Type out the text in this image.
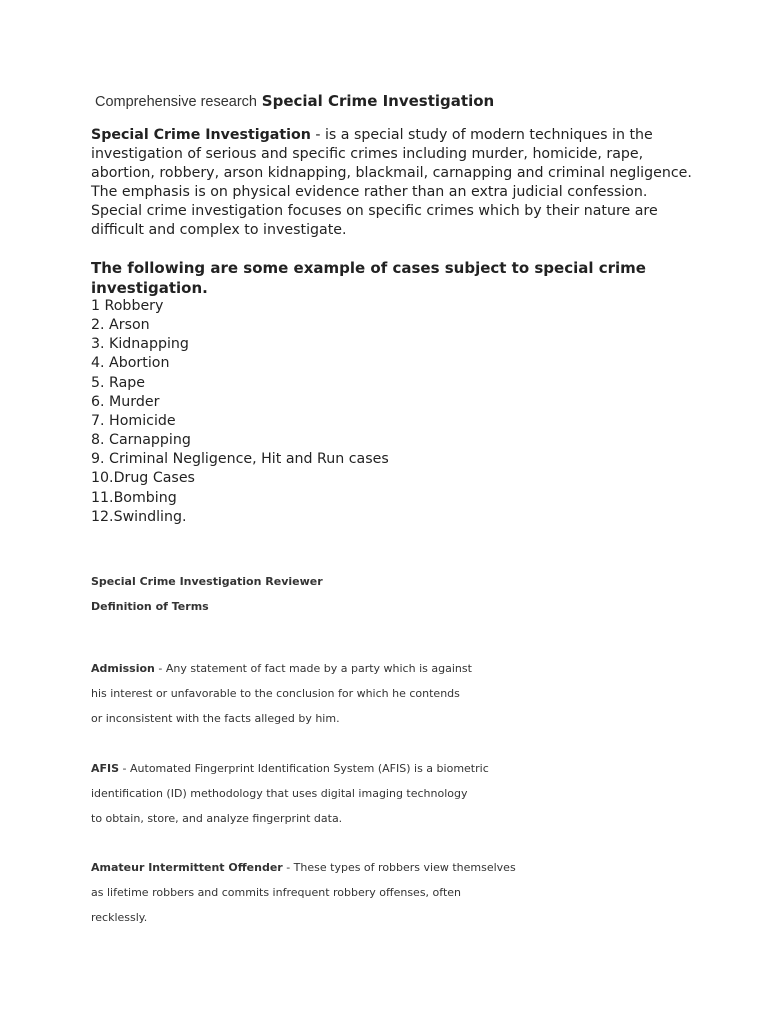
Comprehensive research Special Crime Investigation
Special Crime Investigation - is a special study of modern techniques in the
investigation of serious and specific crimes including murder, homicide, rape,
abortion, robbery, arson kidnapping, blackmail, carnapping and criminal negligence.
The emphasis is on physical evidence rather than an extra judicial confession.
Special crime investigation focuses on specific crimes which by their nature are
difficult and complex to investigate.
The following are some example of cases subject to special crime investigation.
1 Robbery
2. Arson
3. Kidnapping
4. Abortion
5. Rape
6. Murder
7. Homicide
8. Carnapping
9. Criminal Negligence, Hit and Run cases
10.Drug Cases
11.Bombing
12.Swindling.
Special Crime Investigation Reviewer
Definition of Terms
Admission - Any statement of fact made by a party which is against
his interest or unfavorable to the conclusion for which he contends
or inconsistent with the facts alleged by him.
AFIS - Automated Fingerprint Identification System (AFIS) is a biometric
identification (ID) methodology that uses digital imaging technology
to obtain, store, and analyze fingerprint data.
Amateur Intermittent Offender - These types of robbers view themselves
as lifetime robbers and commits infrequent robbery offenses, often
recklessly.
